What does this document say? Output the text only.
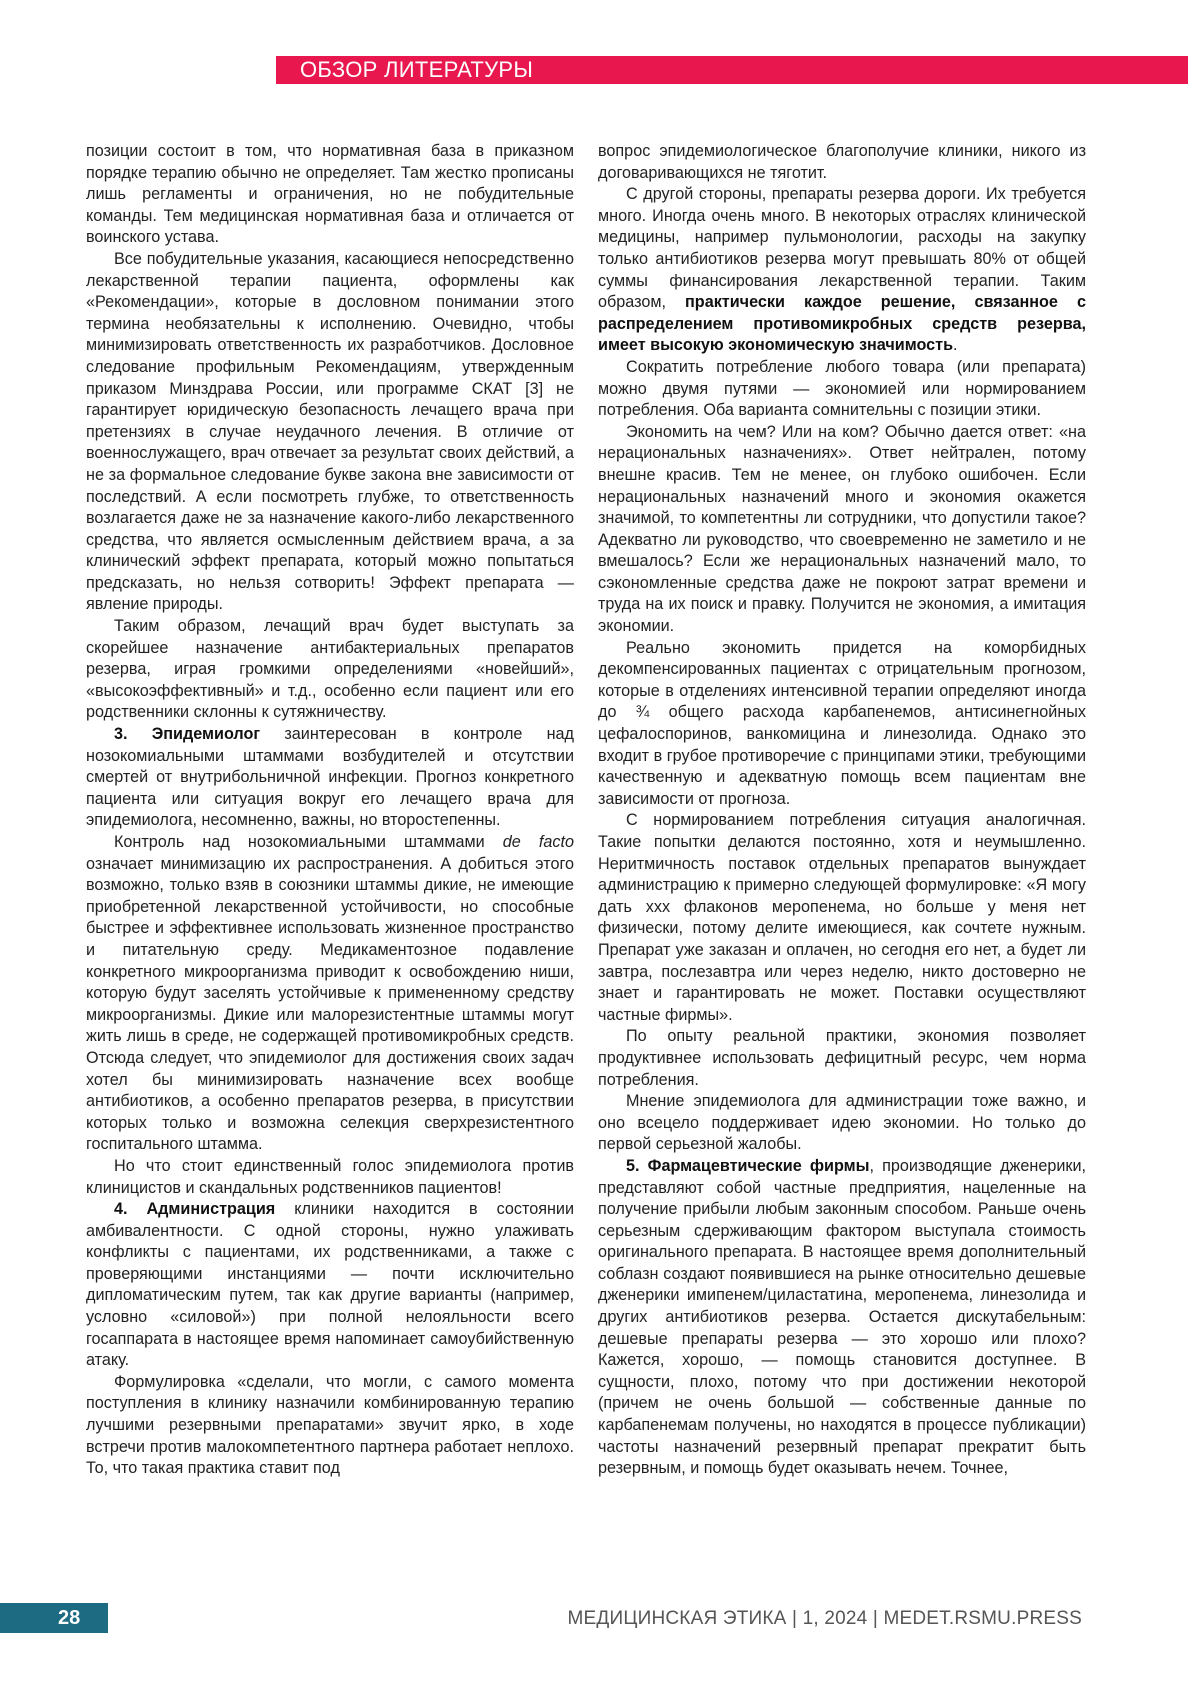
ОБЗОР ЛИТЕРАТУРЫ

позиции состоит в том, что нормативная база в приказном порядке терапию обычно не определяет. Там жестко прописаны лишь регламенты и ограничения, но не побудительные команды. Тем медицинская нормативная база и отличается от воинского устава.

Все побудительные указания, касающиеся непосредственно лекарственной терапии пациента, оформлены как «Рекомендации», которые в дословном понимании этого термина необязательны к исполнению. Очевидно, чтобы минимизировать ответственность их разработчиков. Дословное следование профильным Рекомендациям, утвержденным приказом Минздрава России, или программе СКАТ [3] не гарантирует юридическую безопасность лечащего врача при претензиях в случае неудачного лечения. В отличие от военнослужащего, врач отвечает за результат своих действий, а не за формальное следование букве закона вне зависимости от последствий. А если посмотреть глубже, то ответственность возлагается даже не за назначение какого-либо лекарственного средства, что является осмысленным действием врача, а за клинический эффект препарата, который можно попытаться предсказать, но нельзя сотворить! Эффект препарата — явление природы.

Таким образом, лечащий врач будет выступать за скорейшее назначение антибактериальных препаратов резерва, играя громкими определениями «новейший», «высокоэффективный» и т.д., особенно если пациент или его родственники склонны к сутяжничеству.

3. Эпидемиолог заинтересован в контроле над нозокомиальными штаммами возбудителей и отсутствии смертей от внутрибольничной инфекции. Прогноз конкретного пациента или ситуация вокруг его лечащего врача для эпидемиолога, несомненно, важны, но второстепенны.

Контроль над нозокомиальными штаммами de facto означает минимизацию их распространения. А добиться этого возможно, только взяв в союзники штаммы дикие, не имеющие приобретенной лекарственной устойчивости, но способные быстрее и эффективнее использовать жизненное пространство и питательную среду. Медикаментозное подавление конкретного микроорганизма приводит к освобождению ниши, которую будут заселять устойчивые к примененному средству микроорганизмы. Дикие или малорезистентные штаммы могут жить лишь в среде, не содержащей противомикробных средств. Отсюда следует, что эпидемиолог для достижения своих задач хотел бы минимизировать назначение всех вообще антибиотиков, а особенно препаратов резерва, в присутствии которых только и возможна селекция сверхрезистентного госпитального штамма.

Но что стоит единственный голос эпидемиолога против клиницистов и скандальных родственников пациентов!

4. Администрация клиники находится в состоянии амбивалентности. С одной стороны, нужно улаживать конфликты с пациентами, их родственниками, а также с проверяющими инстанциями — почти исключительно дипломатическим путем, так как другие варианты (например, условно «силовой») при полной нелояльности всего госаппарата в настоящее время напоминает самоубийственную атаку.

Формулировка «сделали, что могли, с самого момента поступления в клинику назначили комбинированную терапию лучшими резервными препаратами» звучит ярко, в ходе встречи против малокомпетентного партнера работает неплохо. То, что такая практика ставит под

вопрос эпидемиологическое благополучие клиники, никого из договаривающихся не тяготит.

С другой стороны, препараты резерва дороги. Их требуется много. Иногда очень много. В некоторых отраслях клинической медицины, например пульмонологии, расходы на закупку только антибиотиков резерва могут превышать 80% от общей суммы финансирования лекарственной терапии. Таким образом, практически каждое решение, связанное с распределением противомикробных средств резерва, имеет высокую экономическую значимость.

Сократить потребление любого товара (или препарата) можно двумя путями — экономией или нормированием потребления. Оба варианта сомнительны с позиции этики.

Экономить на чем? Или на ком? Обычно дается ответ: «на нерациональных назначениях». Ответ нейтрален, потому внешне красив. Тем не менее, он глубоко ошибочен. Если нерациональных назначений много и экономия окажется значимой, то компетентны ли сотрудники, что допустили такое? Адекватно ли руководство, что своевременно не заметило и не вмешалось? Если же нерациональных назначений мало, то сэкономленные средства даже не покроют затрат времени и труда на их поиск и правку. Получится не экономия, а имитация экономии.

Реально экономить придется на коморбидных декомпенсированных пациентах с отрицательным прогнозом, которые в отделениях интенсивной терапии определяют иногда до ¾ общего расхода карбапенемов, антисинегнойных цефалоспоринов, ванкомицина и линезолида. Однако это входит в грубое противоречие с принципами этики, требующими качественную и адекватную помощь всем пациентам вне зависимости от прогноза.

С нормированием потребления ситуация аналогичная. Такие попытки делаются постоянно, хотя и неумышленно. Неритмичность поставок отдельных препаратов вынуждает администрацию к примерно следующей формулировке: «Я могу дать ххх флаконов меропенема, но больше у меня нет физически, потому делите имеющиеся, как сочтете нужным. Препарат уже заказан и оплачен, но сегодня его нет, а будет ли завтра, послезавтра или через неделю, никто достоверно не знает и гарантировать не может. Поставки осуществляют частные фирмы».

По опыту реальной практики, экономия позволяет продуктивнее использовать дефицитный ресурс, чем норма потребления.

Мнение эпидемиолога для администрации тоже важно, и оно всецело поддерживает идею экономии. Но только до первой серьезной жалобы.

5. Фармацевтические фирмы, производящие дженерики, представляют собой частные предприятия, нацеленные на получение прибыли любым законным способом. Раньше очень серьезным сдерживающим фактором выступала стоимость оригинального препарата. В настоящее время дополнительный соблазн создают появившиеся на рынке относительно дешевые дженерики имипенем/циластатина, меропенема, линезолида и других антибиотиков резерва. Остается дискутабельным: дешевые препараты резерва — это хорошо или плохо? Кажется, хорошо, — помощь становится доступнее. В сущности, плохо, потому что при достижении некоторой (причем не очень большой — собственные данные по карбапенемам получены, но находятся в процессе публикации) частоты назначений резервный препарат прекратит быть резервным, и помощь будет оказывать нечем. Точнее,

28	МЕДИЦИНСКАЯ ЭТИКА | 1, 2024 | MEDET.RSMU.PRESS
